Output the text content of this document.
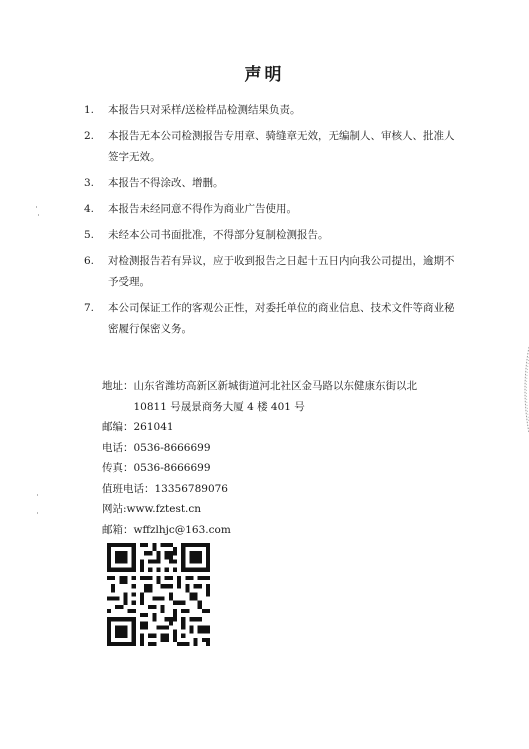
声明
1.	本报告只对采样/送检样品检测结果负责。
2.	本报告无本公司检测报告专用章、骑缝章无效，无编制人、审核人、批准人签字无效。
3.	本报告不得涂改、增删。
4.	本报告未经同意不得作为商业广告使用。
5.	未经本公司书面批准，不得部分复制检测报告。
6.	对检测报告若有异议，应于收到报告之日起十五日内向我公司提出，逾期不予受理。
7.	本公司保证工作的客观公正性，对委托单位的商业信息、技术文件等商业秘密履行保密义务。
地址： 山东省潍坊高新区新城街道河北社区金马路以东健康东街以北 10811 号晟景商务大厦 4 楼 401 号
邮编： 261041
电话： 0536-8666699
传真： 0536-8666699
值班电话： 13356789076
网站: www.fztest.cn
邮箱： wffzlhjc@163.com
